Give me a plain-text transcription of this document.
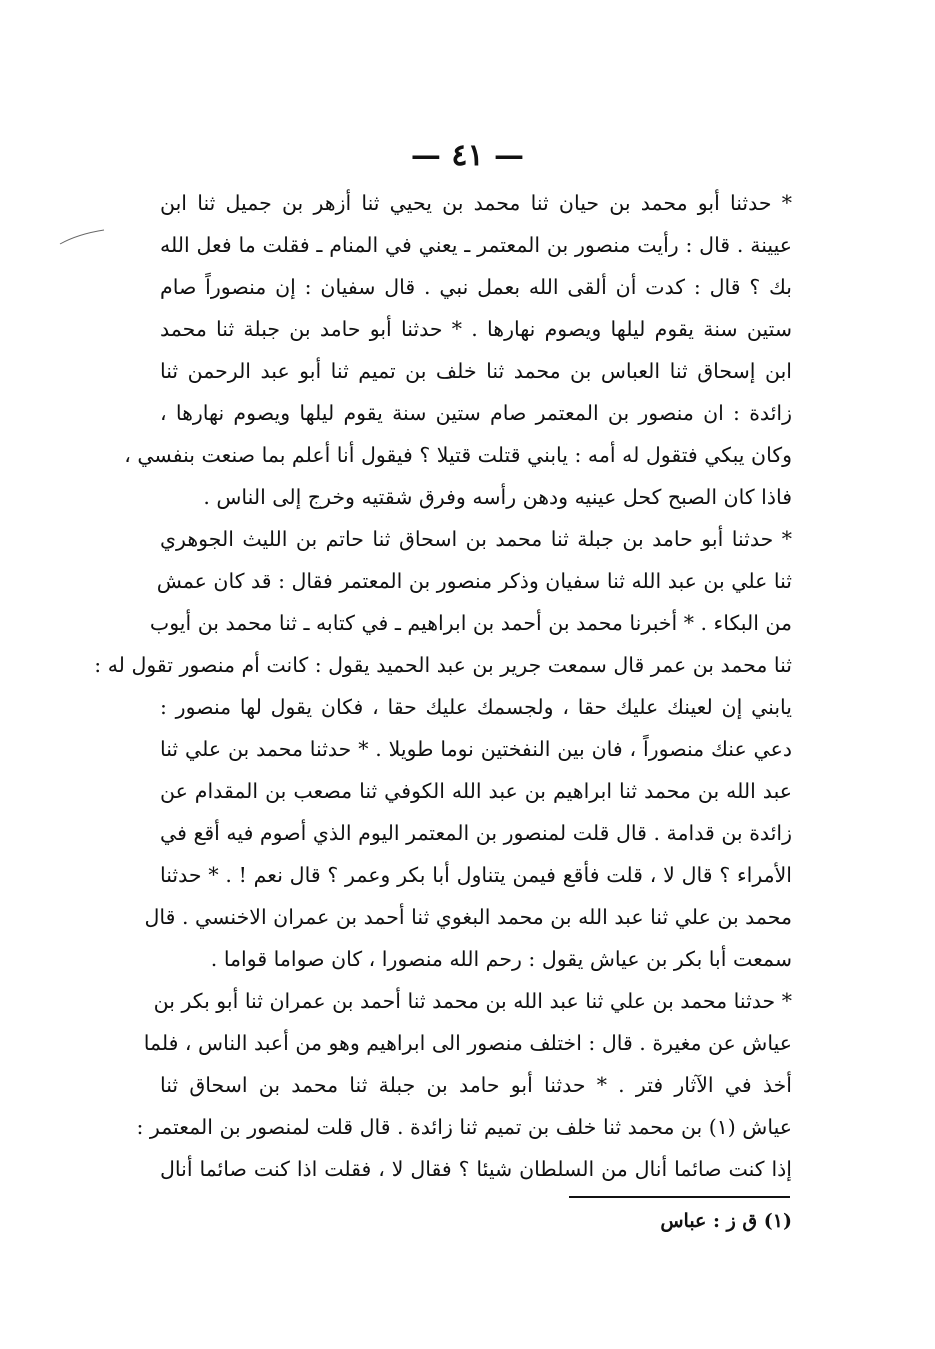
— ٤١ —
* حدثنا أبو محمد بن حيان ثنا محمد بن يحيي ثنا أزهر بن جميل ثنا ابن
عيينة . قال : رأيت منصور بن المعتمر ـ يعني في المنام ـ فقلت ما فعل الله
بك ؟ قال : كدت أن ألقى الله بعمل نبي . قال سفيان : إن منصوراً صام
ستين سنة يقوم ليلها ويصوم نهارها . * حدثنا أبو حامد بن جبلة ثنا محمد
ابن إسحاق ثنا العباس بن محمد ثنا خلف بن تميم ثنا أبو عبد الرحمن ثنا
زائدة : ان منصور بن المعتمر صام ستين سنة يقوم ليلها ويصوم نهارها ،
وكان يبكي فتقول له أمه : يابني قتلت قتيلا ؟ فيقول أنا أعلم بما صنعت بنفسي ،
فاذا كان الصبح كحل عينيه ودهن رأسه وفرق شقتيه وخرج إلى الناس .
* حدثنا أبو حامد بن جبلة ثنا محمد بن اسحاق ثنا حاتم بن الليث الجوهري
ثنا علي بن عبد الله ثنا سفيان وذكر منصور بن المعتمر فقال : قد كان عمش
من البكاء . * أخبرنا محمد بن أحمد بن ابراهيم ـ في كتابه ـ ثنا محمد بن أيوب
ثنا محمد بن عمر قال سمعت جرير بن عبد الحميد يقول : كانت أم منصور تقول له :
يابني إن لعينك عليك حقا ، ولجسمك عليك حقا ، فكان يقول لها منصور :
دعي عنك منصوراً ، فان بين النفختين نوما طويلا . * حدثنا محمد بن علي ثنا
عبد الله بن محمد ثنا ابراهيم بن عبد الله الكوفي ثنا مصعب بن المقدام عن
زائدة بن قدامة . قال قلت لمنصور بن المعتمر اليوم الذي أصوم فيه أقع في
الأمراء ؟ قال لا ، قلت فأقع فيمن يتناول أبا بكر وعمر ؟ قال نعم ! . * حدثنا
محمد بن علي ثنا عبد الله بن محمد البغوي ثنا أحمد بن عمران الاخنسي . قال
سمعت أبا بكر بن عياش يقول : رحم الله منصورا ، كان صواما قواما .
* حدثنا محمد بن علي ثنا عبد الله بن محمد ثنا أحمد بن عمران ثنا أبو بكر بن
عياش عن مغيرة . قال : اختلف منصور الى ابراهيم وهو من أعبد الناس ، فلما
أخذ في الآثار فتر . * حدثنا أبو حامد بن جبلة ثنا محمد بن اسحاق ثنا
عياش (١) بن محمد ثنا خلف بن تميم ثنا زائدة . قال قلت لمنصور بن المعتمر :
إذا كنت صائما أنال من السلطان شيئا ؟ فقال لا ، فقلت اذا كنت صائما أنال
(١) ق ز : عباس
